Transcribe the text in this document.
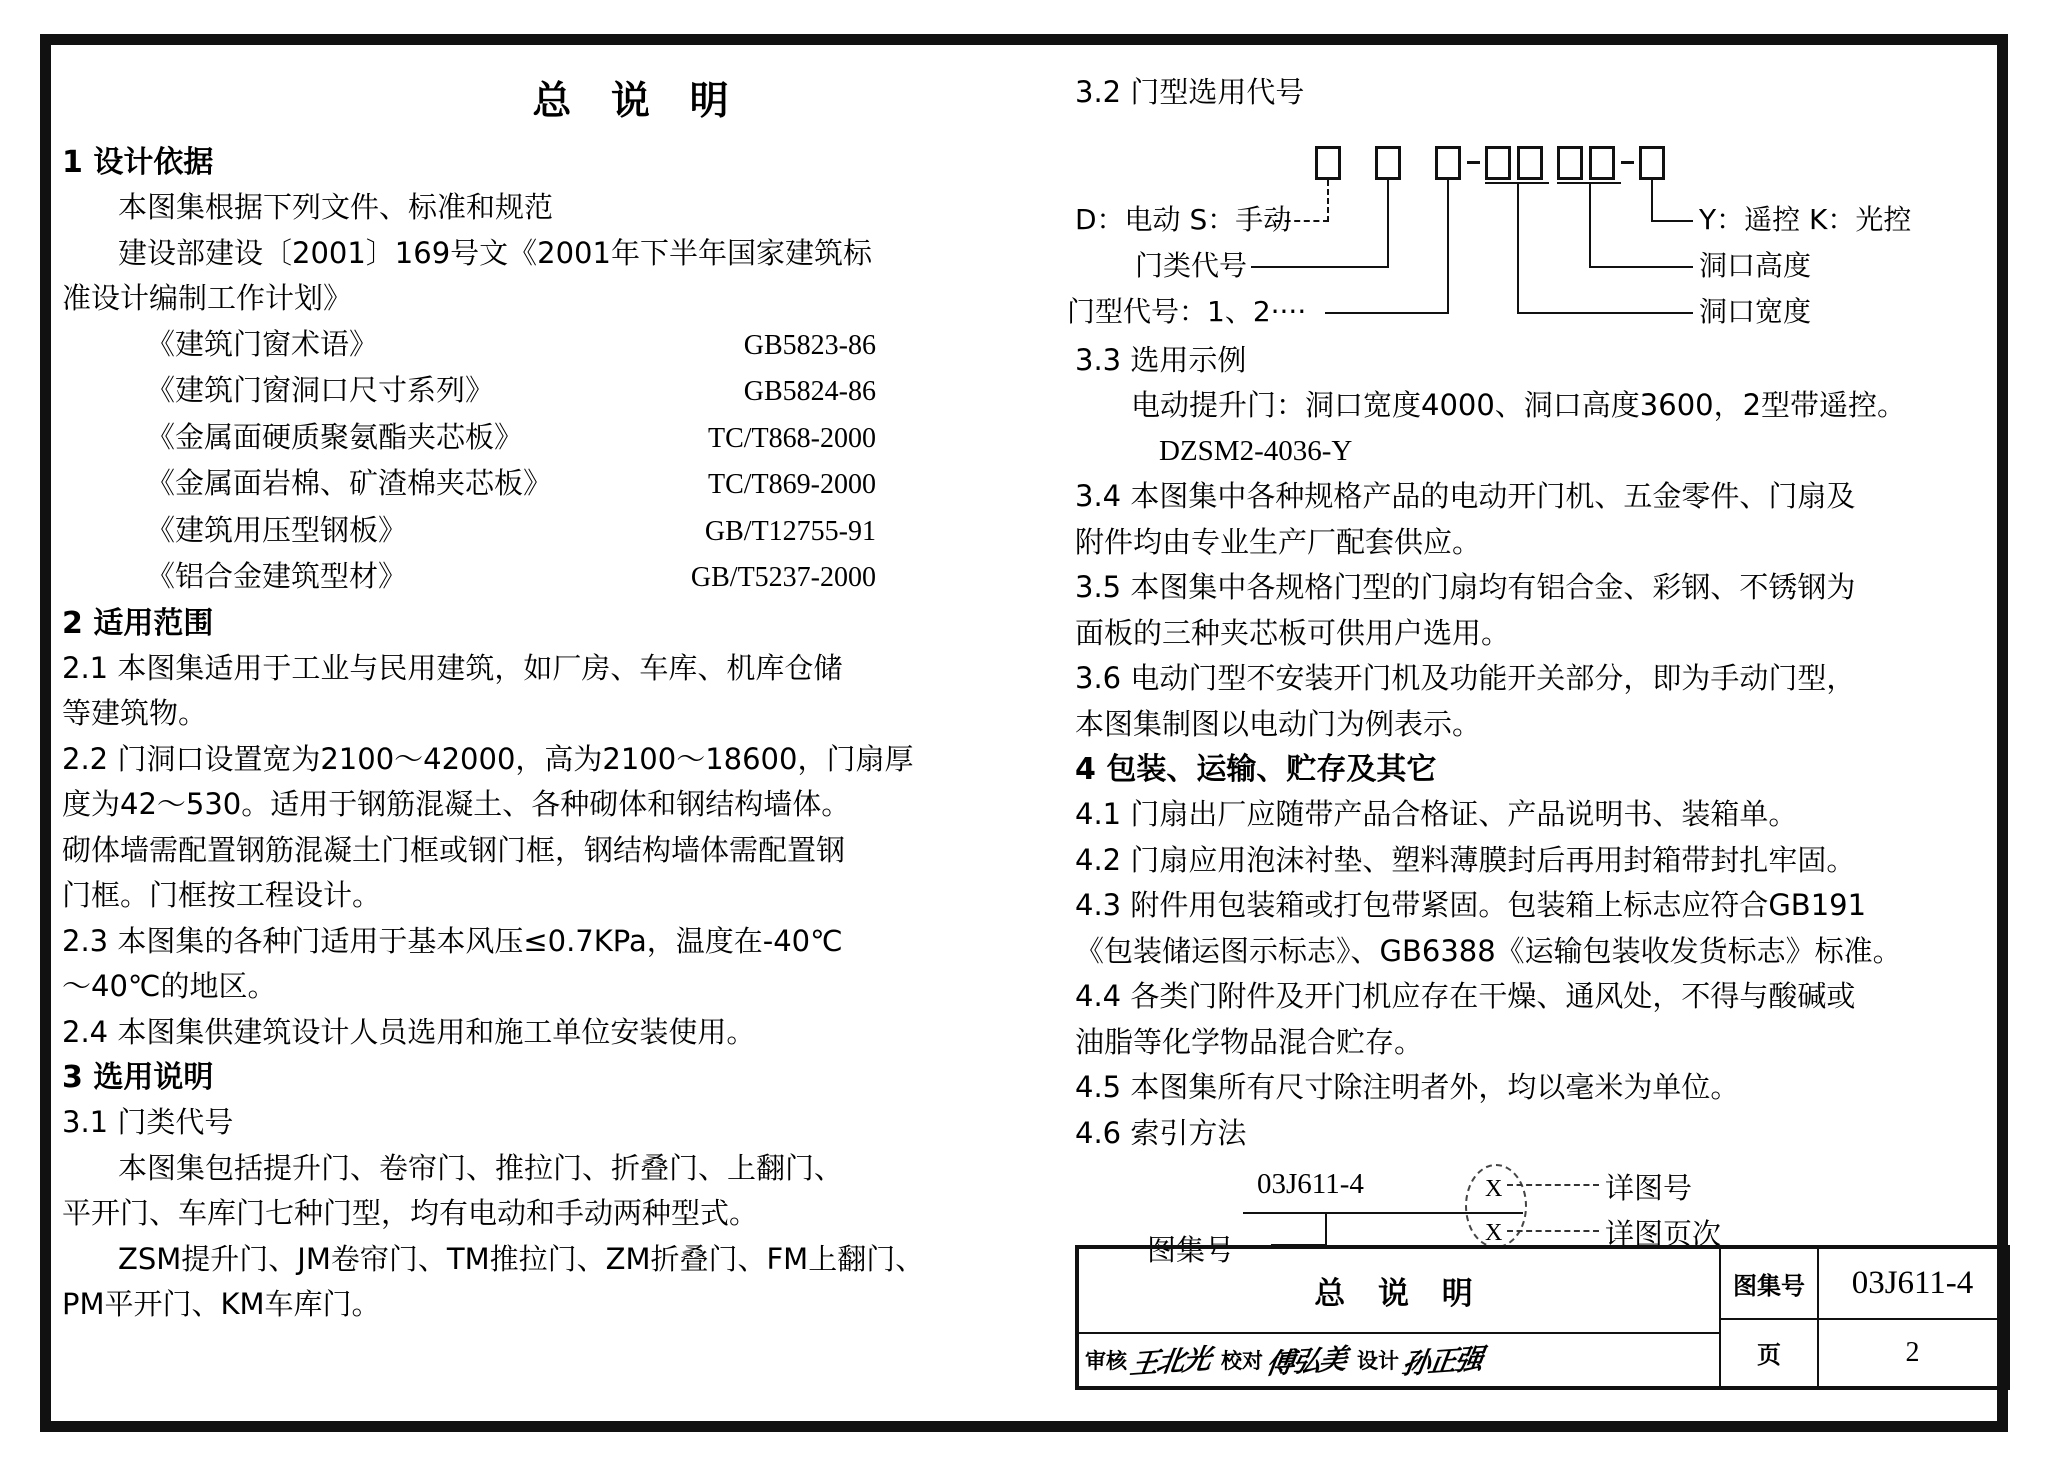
总 说 明
1 设计依据
本图集根据下列文件、标准和规范
建设部建设〔2001〕169号文《2001年下半年国家建筑标
准设计编制工作计划》
《建筑门窗术语》	GB5823-86
《建筑门窗洞口尺寸系列》	GB5824-86
《金属面硬质聚氨酯夹芯板》	TC/T868-2000
《金属面岩棉、矿渣棉夹芯板》	TC/T869-2000
《建筑用压型钢板》	GB/T12755-91
《铝合金建筑型材》	GB/T5237-2000
2 适用范围
2.1 本图集适用于工业与民用建筑，如厂房、车库、机库仓储
等建筑物。
2.2 门洞口设置宽为2100～42000，高为2100～18600，门扇厚
度为42～530。适用于钢筋混凝土、各种砌体和钢结构墙体。
砌体墙需配置钢筋混凝土门框或钢门框，钢结构墙体需配置钢
门框。门框按工程设计。
2.3 本图集的各种门适用于基本风压≤0.7KPa，温度在-40℃
～40℃的地区。
2.4 本图集供建筑设计人员选用和施工单位安装使用。
3 选用说明
3.1 门类代号
本图集包括提升门、卷帘门、推拉门、折叠门、上翻门、
平开门、车库门七种门型，均有电动和手动两种型式。
ZSM提升门、JM卷帘门、TM推拉门、ZM折叠门、FM上翻门、
PM平开门、KM车库门。
3.2 门型选用代号
D：电动 S：手动	Y：遥控 K：光控
门类代号	洞口高度
门型代号：1、2····	洞口宽度
3.3 选用示例
电动提升门：洞口宽度4000、洞口高度3600，2型带遥控。
DZSM2-4036-Y
3.4 本图集中各种规格产品的电动开门机、五金零件、门扇及
附件均由专业生产厂配套供应。
3.5 本图集中各规格门型的门扇均有铝合金、彩钢、不锈钢为
面板的三种夹芯板可供用户选用。
3.6 电动门型不安装开门机及功能开关部分，即为手动门型，
本图集制图以电动门为例表示。
4 包装、运输、贮存及其它
4.1 门扇出厂应随带产品合格证、产品说明书、装箱单。
4.2 门扇应用泡沫衬垫、塑料薄膜封后再用封箱带封扎牢固。
4.3 附件用包装箱或打包带紧固。包装箱上标志应符合GB191
《包装储运图示标志》、GB6388《运输包装收发货标志》标准。
4.4 各类门附件及开门机应存在干燥、通风处，不得与酸碱或
油脂等化学物品混合贮存。
4.5 本图集所有尺寸除注明者外，均以毫米为单位。
4.6 索引方法
03J611-4
图集号
X
X
详图号
详图页次
总 说 明
审核 王北光 校对 傅弘美 设计 孙正强
图集号	03J611-4
页	2
